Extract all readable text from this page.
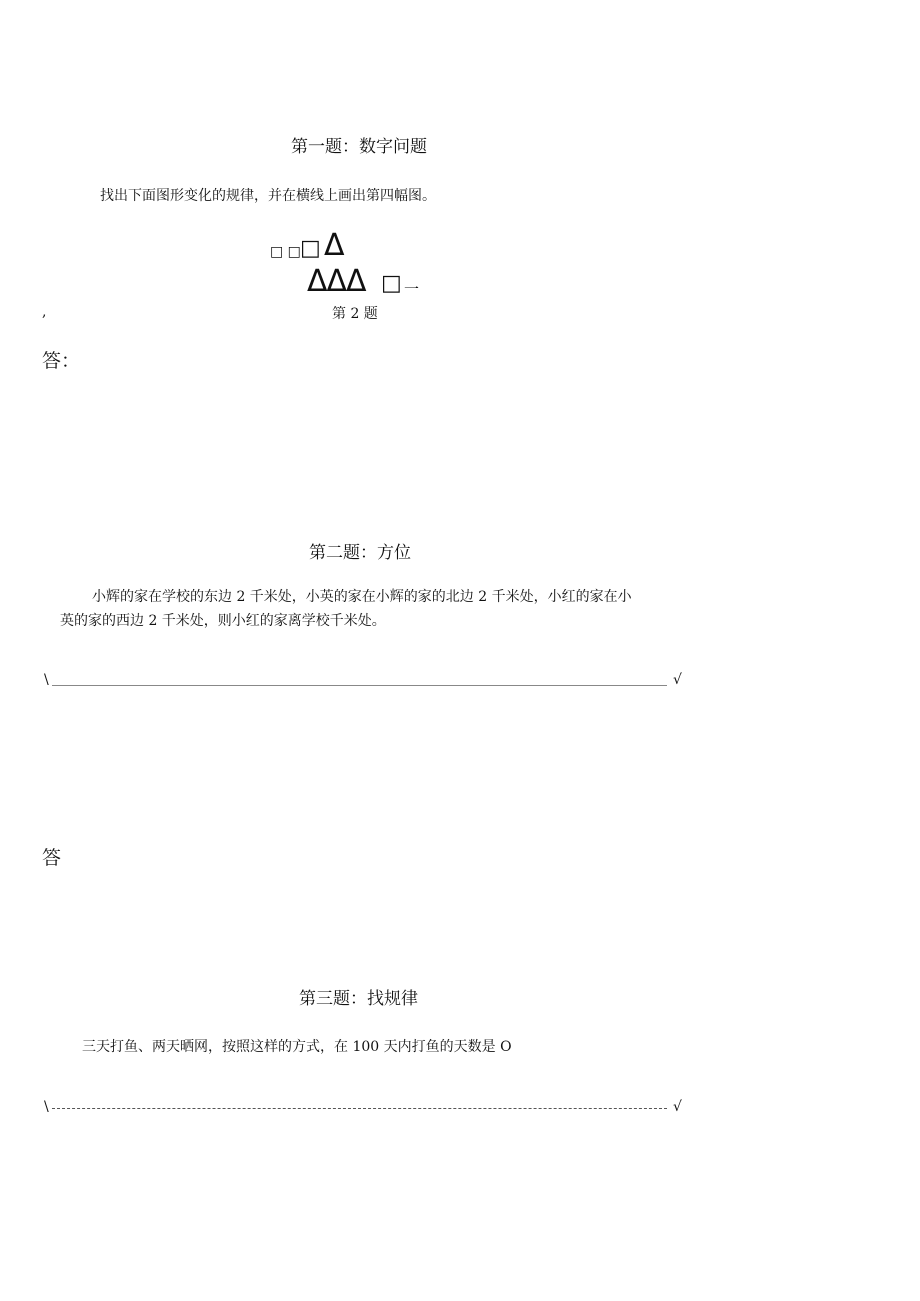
第一题：数字问题
找出下面图形变化的规律，并在横线上画出第四幅图。
□ □ □ Δ
ΔΔΔ □ 一
,	第 2 题
答：
第二题：方位
小辉的家在学校的东边 2 千米处，小英的家在小辉的家的北边 2 千米处，小红的家在小
英的家的西边 2 千米处，则小红的家离学校千米处。
\	√
答
第三题：找规律
三天打鱼、两天晒网，按照这样的方式，在 100 天内打鱼的天数是 O
\	√
